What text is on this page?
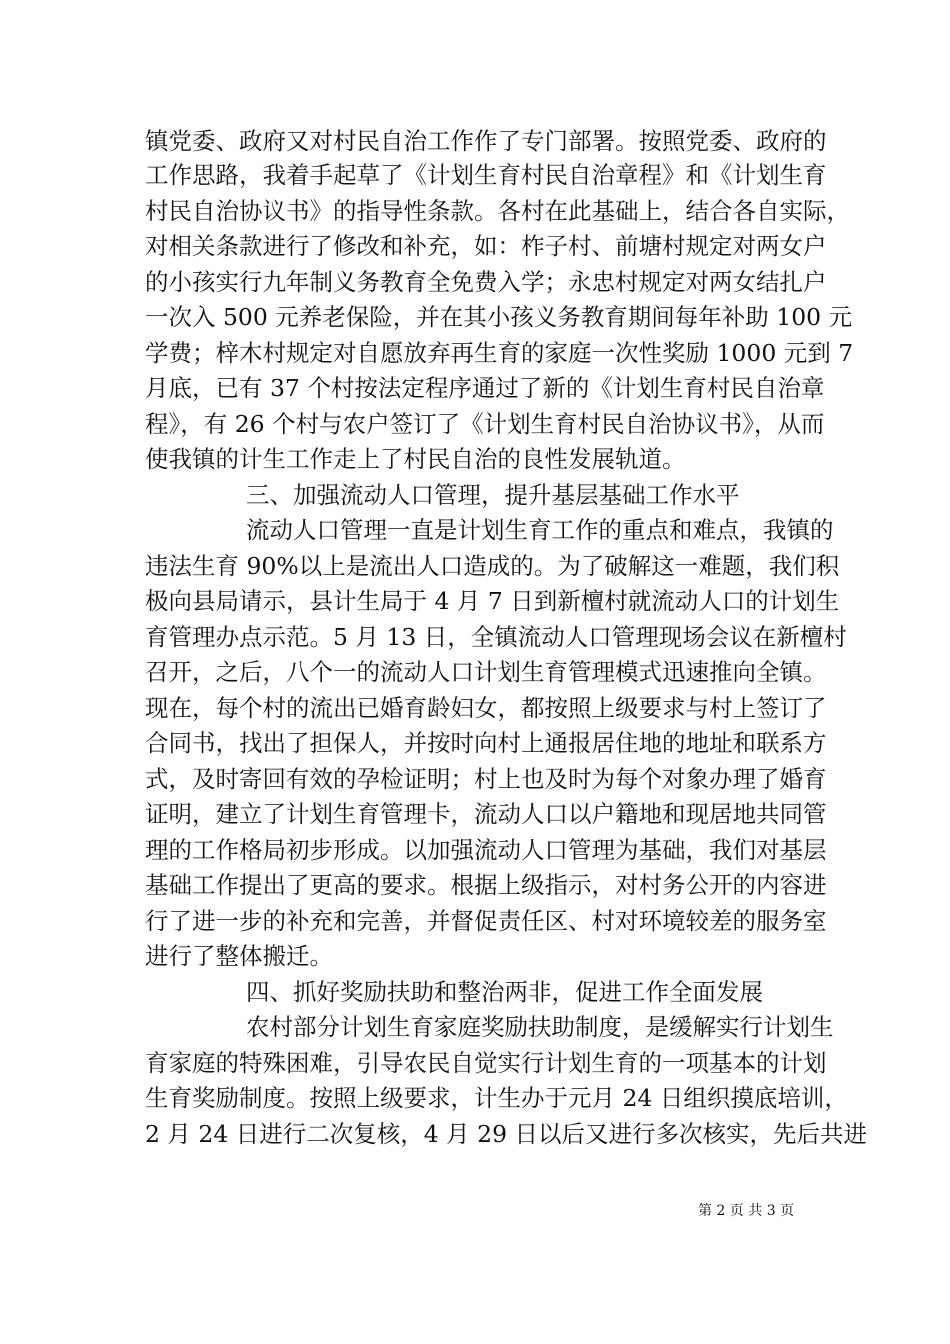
镇党委、政府又对村民自治工作作了专门部署。按照党委、政府的
工作思路，我着手起草了《计划生育村民自治章程》和《计划生育
村民自治协议书》的指导性条款。各村在此基础上，结合各自实际，
对相关条款进行了修改和补充，如：柞子村、前塘村规定对两女户
的小孩实行九年制义务教育全免费入学；永忠村规定对两女结扎户
一次入 500 元养老保险，并在其小孩义务教育期间每年补助 100 元
学费；梓木村规定对自愿放弃再生育的家庭一次性奖励 1000 元到 7
月底，已有 37 个村按法定程序通过了新的《计划生育村民自治章
程》，有 26 个村与农户签订了《计划生育村民自治协议书》，从而
使我镇的计生工作走上了村民自治的良性发展轨道。
三、加强流动人口管理，提升基层基础工作水平
流动人口管理一直是计划生育工作的重点和难点，我镇的
违法生育 90%以上是流出人口造成的。为了破解这一难题，我们积
极向县局请示，县计生局于 4 月 7 日到新檀村就流动人口的计划生
育管理办点示范。5 月 13 日，全镇流动人口管理现场会议在新檀村
召开，之后，八个一的流动人口计划生育管理模式迅速推向全镇。
现在，每个村的流出已婚育龄妇女，都按照上级要求与村上签订了
合同书，找出了担保人，并按时向村上通报居住地的地址和联系方
式，及时寄回有效的孕检证明；村上也及时为每个对象办理了婚育
证明，建立了计划生育管理卡，流动人口以户籍地和现居地共同管
理的工作格局初步形成。以加强流动人口管理为基础，我们对基层
基础工作提出了更高的要求。根据上级指示，对村务公开的内容进
行了进一步的补充和完善，并督促责任区、村对环境较差的服务室
进行了整体搬迁。
四、抓好奖励扶助和整治两非，促进工作全面发展
农村部分计划生育家庭奖励扶助制度，是缓解实行计划生
育家庭的特殊困难，引导农民自觉实行计划生育的一项基本的计划
生育奖励制度。按照上级要求，计生办于元月 24 日组织摸底培训，
2 月 24 日进行二次复核，4 月 29 日以后又进行多次核实，先后共进
第 2 页 共 3 页
